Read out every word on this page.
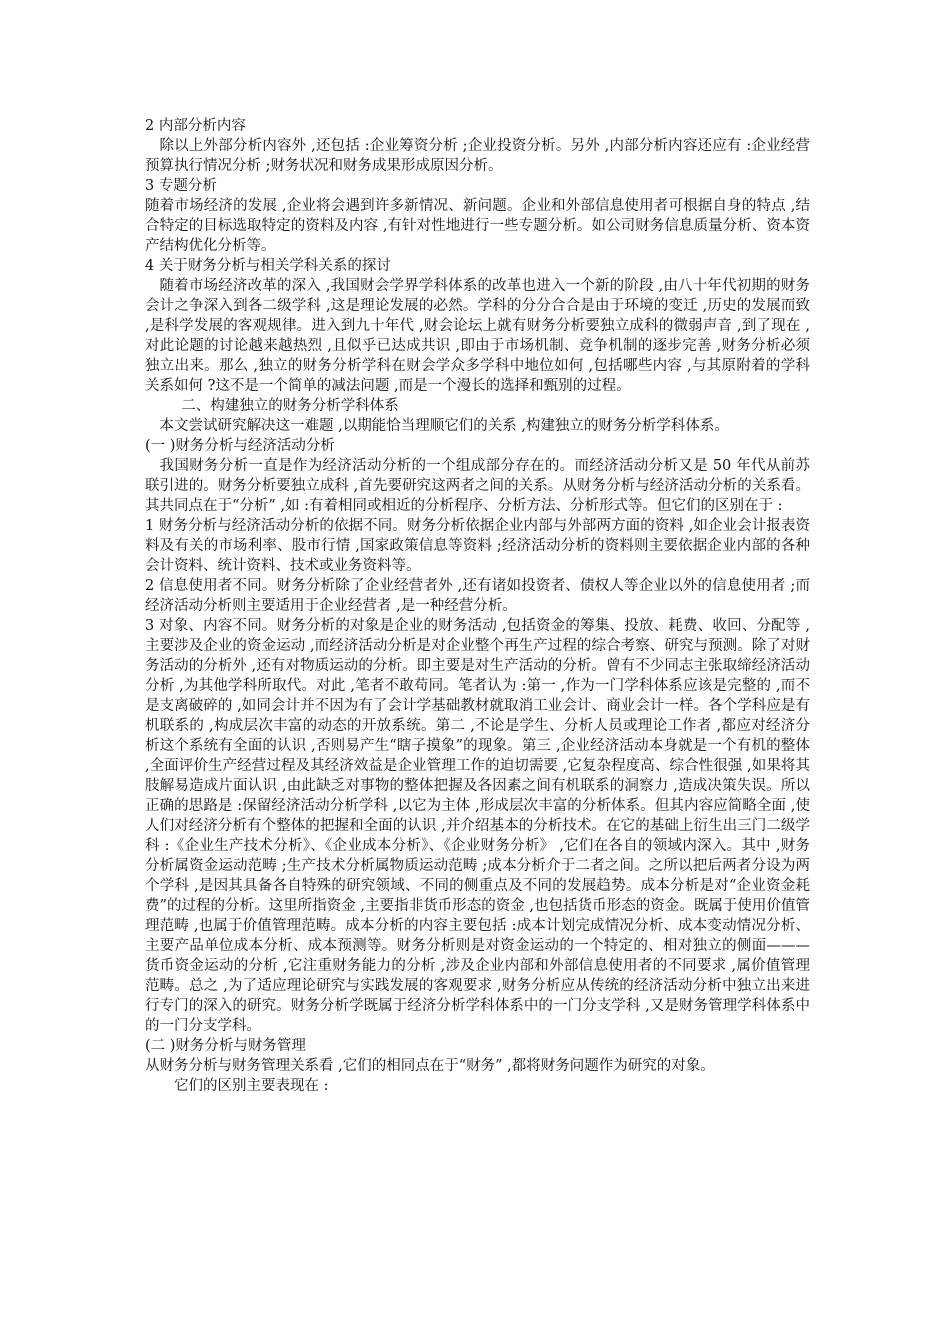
2 内部分析内容

除以上外部分析内容外 ,还包括 :企业筹资分析 ;企业投资分析。另外 ,内部分析内容还应有 :企业经营预算执行情况分析 ;财务状况和财务成果形成原因分析。

3 专题分析

随着市场经济的发展 ,企业将会遇到许多新情况、新问题。企业和外部信息使用者可根据自身的特点 ,结合特定的目标选取特定的资料及内容 ,有针对性地进行一些专题分析。如公司财务信息质量分析、资本资产结构优化分析等。

4 关于财务分析与相关学科关系的探讨

随着市场经济改革的深入 ,我国财会学界学科体系的改革也进入一个新的阶段 ,由八十年代初期的财务会计之争深入到各二级学科 ,这是理论发展的必然。学科的分分合合是由于环境的变迁 ,历史的发展而致 ,是科学发展的客观规律。进入到九十年代 ,财会论坛上就有财务分析要独立成科的微弱声音 ,到了现在 ,对此论题的讨论越来越热烈 ,且似乎已达成共识 ,即由于市场机制、竞争机制的逐步完善 ,财务分析必须独立出来。那么 ,独立的财务分析学科在财会学众多学科中地位如何 ,包括哪些内容 ,与其原附着的学科关系如何 ?这不是一个简单的减法问题 ,而是一个漫长的选择和甄别的过程。

二、构建独立的财务分析学科体系

本文尝试研究解决这一难题 ,以期能恰当理顺它们的关系 ,构建独立的财务分析学科体系。

(一 )财务分析与经济活动分析

我国财务分析一直是作为经济活动分析的一个组成部分存在的。而经济活动分析又是 50 年代从前苏联引进的。财务分析要独立成科 ,首先要研究这两者之间的关系。从财务分析与经济活动分析的关系看。其共同点在于“分析” ,如 :有着相同或相近的分析程序、分析方法、分析形式等。但它们的区别在于 :

1 财务分析与经济活动分析的依据不同。财务分析依据企业内部与外部两方面的资料 ,如企业会计报表资料及有关的市场利率、股市行情 ,国家政策信息等资料 ;经济活动分析的资料则主要依据企业内部的各种会计资料、统计资料、技术或业务资料等。

2 信息使用者不同。财务分析除了企业经营者外 ,还有诸如投资者、债权人等企业以外的信息使用者 ;而经济活动分析则主要适用于企业经营者 ,是一种经营分析。

3 对象、内容不同。财务分析的对象是企业的财务活动 ,包括资金的筹集、投放、耗费、收回、分配等 ,主要涉及企业的资金运动 ,而经济活动分析是对企业整个再生产过程的综合考察、研究与预测。除了对财务活动的分析外 ,还有对物质运动的分析。即主要是对生产活动的分析。曾有不少同志主张取缔经济活动分析 ,为其他学科所取代。对此 ,笔者不敢苟同。笔者认为 :第一 ,作为一门学科体系应该是完整的 ,而不是支离破碎的 ,如同会计并不因为有了会计学基础教材就取消工业会计、商业会计一样。各个学科应是有机联系的 ,构成层次丰富的动态的开放系统。第二 ,不论是学生、分析人员或理论工作者 ,都应对经济分析这个系统有全面的认识 ,否则易产生“瞎子摸象”的现象。第三 ,企业经济活动本身就是一个有机的整体 ,全面评价生产经营过程及其经济效益是企业管理工作的迫切需要 ,它复杂程度高、综合性很强 ,如果将其肢解易造成片面认识 ,由此缺乏对事物的整体把握及各因素之间有机联系的洞察力 ,造成决策失误。所以正确的思路是 :保留经济活动分析学科 ,以它为主体 ,形成层次丰富的分析体系。但其内容应简略全面 ,使人们对经济分析有个整体的把握和全面的认识 ,并介绍基本的分析技术。在它的基础上衍生出三门二级学科 :《企业生产技术分析》、《企业成本分析》、《企业财务分析》 ,它们在各自的领域内深入。其中 ,财务分析属资金运动范畴 ;生产技术分析属物质运动范畴 ;成本分析介于二者之间。之所以把后两者分设为两个学科 ,是因其具备各自特殊的研究领域、不同的侧重点及不同的发展趋势。成本分析是对“企业资金耗费”的过程的分析。这里所指资金 ,主要指非货币形态的资金 ,也包括货币形态的资金。既属于使用价值管理范畴 ,也属于价值管理范畴。成本分析的内容主要包括 :成本计划完成情况分析、成本变动情况分析、主要产品单位成本分析、成本预测等。财务分析则是对资金运动的一个特定的、相对独立的侧面———货币资金运动的分析 ,它注重财务能力的分析 ,涉及企业内部和外部信息使用者的不同要求 ,属价值管理范畴。总之 ,为了适应理论研究与实践发展的客观要求 ,财务分析应从传统的经济活动分析中独立出来进行专门的深入的研究。财务分析学既属于经济分析学科体系中的一门分支学科 ,又是财务管理学科体系中的一门分支学科。

(二 )财务分析与财务管理

从财务分析与财务管理关系看 ,它们的相同点在于“财务” ,都将财务问题作为研究的对象。

它们的区别主要表现在 :
